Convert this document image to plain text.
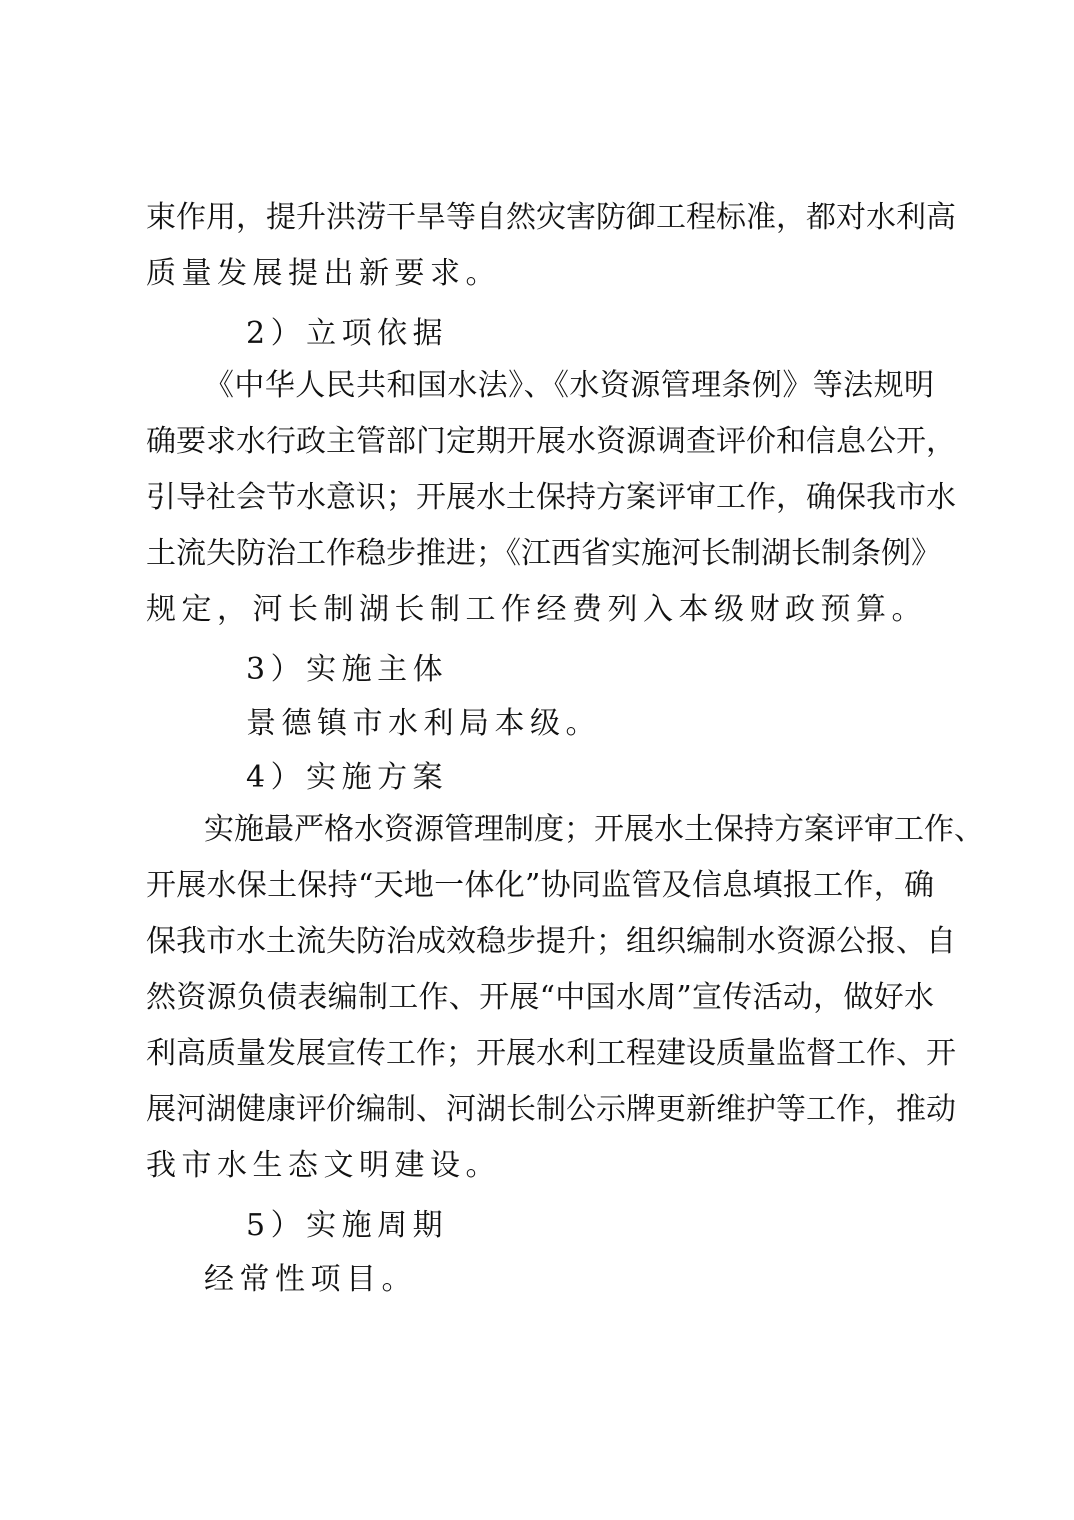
束作用，提升洪涝干旱等自然灾害防御工程标准，都对水利高
质量发展提出新要求。
2）立项依据
《中华人民共和国水法》、《水资源管理条例》等法规明
确要求水行政主管部门定期开展水资源调查评价和信息公开，
引导社会节水意识；开展水土保持方案评审工作，确保我市水
土流失防治工作稳步推进；《江西省实施河长制湖长制条例》
规定，河长制湖长制工作经费列入本级财政预算。
3）实施主体
景德镇市水利局本级。
4）实施方案
实施最严格水资源管理制度；开展水土保持方案评审工作、
开展水保土保持“天地一体化”协同监管及信息填报工作，确
保我市水土流失防治成效稳步提升；组织编制水资源公报、自
然资源负债表编制工作、开展“中国水周”宣传活动，做好水
利高质量发展宣传工作；开展水利工程建设质量监督工作、开
展河湖健康评价编制、河湖长制公示牌更新维护等工作，推动
我市水生态文明建设。
5）实施周期
经常性项目。
